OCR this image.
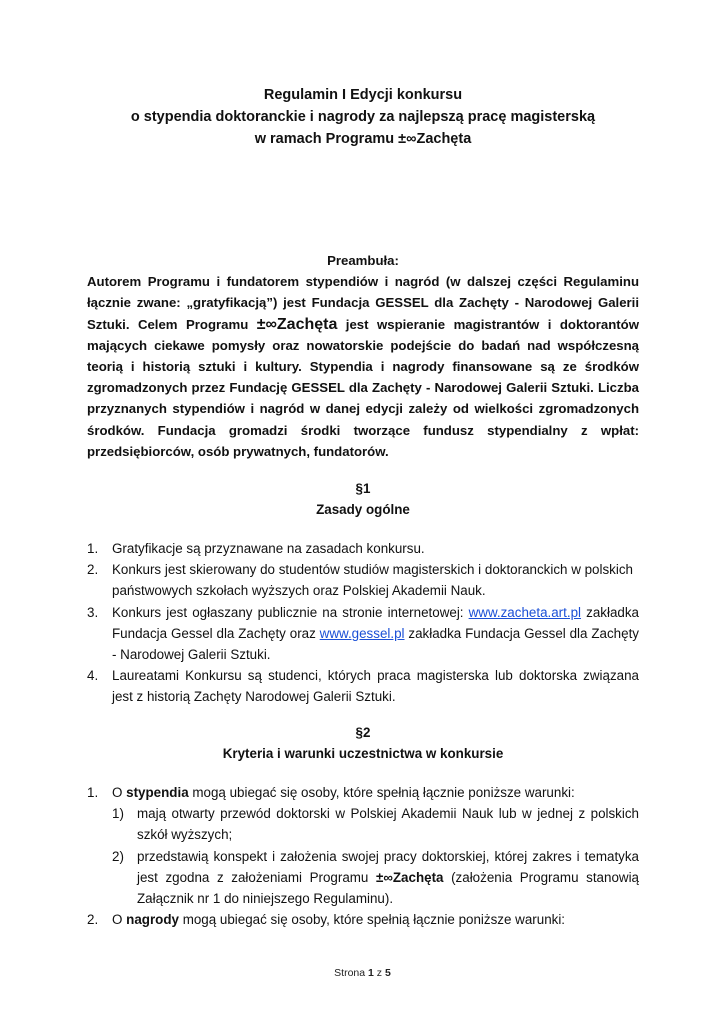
Regulamin I Edycji konkursu
o stypendia doktoranckie i nagrody za najlepszą pracę magisterską
w ramach Programu ±∞Zachęta
Preambuła:
Autorem Programu i fundatorem stypendiów i nagród (w dalszej części Regulaminu łącznie zwane: „gratyfikacją”) jest Fundacja GESSEL dla Zachęty - Narodowej Galerii Sztuki. Celem Programu ±∞Zachęta jest wspieranie magistrantów i doktorantów mających ciekawe pomysły oraz nowatorskie podejście do badań nad współczesną teorią i historią sztuki i kultury. Stypendia i nagrody finansowane są ze środków zgromadzonych przez Fundację GESSEL dla Zachęty - Narodowej Galerii Sztuki. Liczba przyznanych stypendiów i nagród w danej edycji zależy od wielkości zgromadzonych środków. Fundacja gromadzi środki tworzące fundusz stypendialny z wpłat: przedsiębiorców, osób prywatnych, fundatorów.
§1
Zasady ogólne
1.	Gratyfikacje są przyznawane na zasadach konkursu.
2.	Konkurs jest skierowany do studentów studiów magisterskich i doktoranckich w polskich państwowych szkołach wyższych oraz Polskiej Akademii Nauk.
3.	Konkurs jest ogłaszany publicznie na stronie internetowej: www.zacheta.art.pl zakładka Fundacja Gessel dla Zachęty oraz www.gessel.pl zakładka Fundacja Gessel dla Zachęty - Narodowej Galerii Sztuki.
4.	Laureatami Konkursu są studenci, których praca magisterska lub doktorska związana jest z historią Zachęty Narodowej Galerii Sztuki.
§2
Kryteria i warunki uczestnictwa w konkursie
1.	O stypendia mogą ubiegać się osoby, które spełnią łącznie poniższe warunki:
1) mają otwarty przewód doktorski w Polskiej Akademii Nauk lub w jednej z polskich szkół wyższych;
2) przedstawią konspekt i założenia swojej pracy doktorskiej, której zakres i tematyka jest zgodna z założeniami Programu ±∞Zachęta (założenia Programu stanowią Załącznik nr 1 do niniejszego Regulaminu).
2.	O nagrody mogą ubiegać się osoby, które spełnią łącznie poniższe warunki:
Strona 1 z 5
